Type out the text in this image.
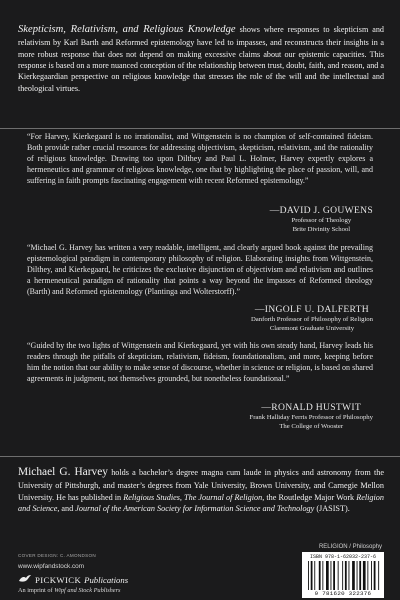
Skepticism, Relativism, and Religious Knowledge shows where responses to skepticism and relativism by Karl Barth and Reformed epistemology have led to impasses, and reconstructs their insights in a more robust response that does not depend on making excessive claims about our epistemic capacities. This response is based on a more nuanced conception of the relationship between trust, doubt, faith, and reason, and a Kierkegaardian perspective on religious knowledge that stresses the role of the will and the intellectual and theological virtues.
“For Harvey, Kierkegaard is no irrationalist, and Wittgenstein is no champion of self-contained fideism. Both provide rather crucial resources for addressing objectivism, skepticism, relativism, and the rationality of religious knowledge. Drawing too upon Dilthey and Paul L. Holmer, Harvey expertly explores a hermeneutics and grammar of religious knowledge, one that by highlighting the place of passion, will, and suffering in faith prompts fascinating engagement with recent Reformed epistemology.”
—DAVID J. GOUWENS
Professor of Theology
Brite Divinity School
“Michael G. Harvey has written a very readable, intelligent, and clearly argued book against the prevailing epistemological paradigm in contemporary philosophy of religion. Elaborating insights from Wittgenstein, Dilthey, and Kierkegaard, he criticizes the exclusive disjunction of objectivism and relativism and outlines a hermeneutical paradigm of rationality that points a way beyond the impasses of Reformed theology (Barth) and Reformed epistemology (Plantinga and Wolterstorff).”
—INGOLF U. DALFERTH
Danforth Professor of Philosophy of Religion
Claremont Graduate University
“Guided by the two lights of Wittgenstein and Kierkegaard, yet with his own steady hand, Harvey leads his readers through the pitfalls of skepticism, relativism, fideism, foundationalism, and more, keeping before him the notion that our ability to make sense of discourse, whether in science or religion, is based on shared agreements in judgment, not themselves grounded, but nonetheless foundational.”
—RONALD HUSTWIT
Frank Halliday Ferris Professor of Philosophy
The College of Wooster
Michael G. Harvey holds a bachelor’s degree magna cum laude in physics and astronomy from the University of Pittsburgh, and master’s degrees from Yale University, Brown University, and Carnegie Mellon University. He has published in Religious Studies, The Journal of Religion, the Routledge Major Work Religion and Science, and Journal of the American Society for Information Science and Technology (JASIST).
RELIGION / Philosophy
COVER DESIGN: C. AMONDSON
www.wipfandstock.com
PICKWICK Publications
An imprint of Wipf and Stock Publishers
ISBN 978-1-62032-237-6
9 781620 322376
